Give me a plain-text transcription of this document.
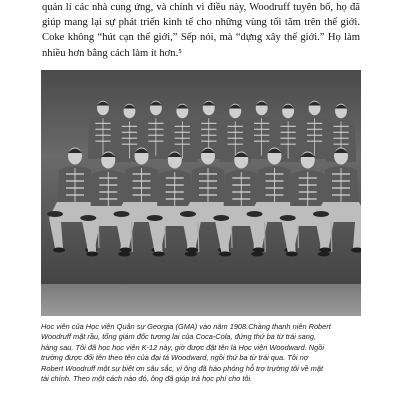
quản lí các nhà cung ứng, và chính vì điều này, Woodruff tuyên bố, họ đã
giúp mang lại sự phát triển kinh tế cho những vùng tối tăm trên thế giới.
Coke không “hút cạn thế giới,” Sếp nói, mà “dựng xây thế giới.” Họ làm
nhiều hơn bằng cách làm ít hơn.⁵
Học viên của Học viện Quân sự Georgia (GMA) vào năm 1908.Chàng thanh niên Robert
Woodruff mặt rầu, tổng giám đốc tương lai của Coca-Cola, đứng thứ ba từ trái sang,
hàng sau. Tôi đã học học viện K-12 này, giờ được đặt tên là Học viện Woodward. Ngồi
trường được đổi tên theo tên của đại tá Woodward, ngồi thứ ba từ trái qua. Tôi nợ
Robert Woodruff một sự biết ơn sâu sắc, vì ông đã hào phóng hỗ trợ trường tôi về mặt
tài chính. Theo một cách nào đó, ông đã giúp trả học phí cho tôi.
